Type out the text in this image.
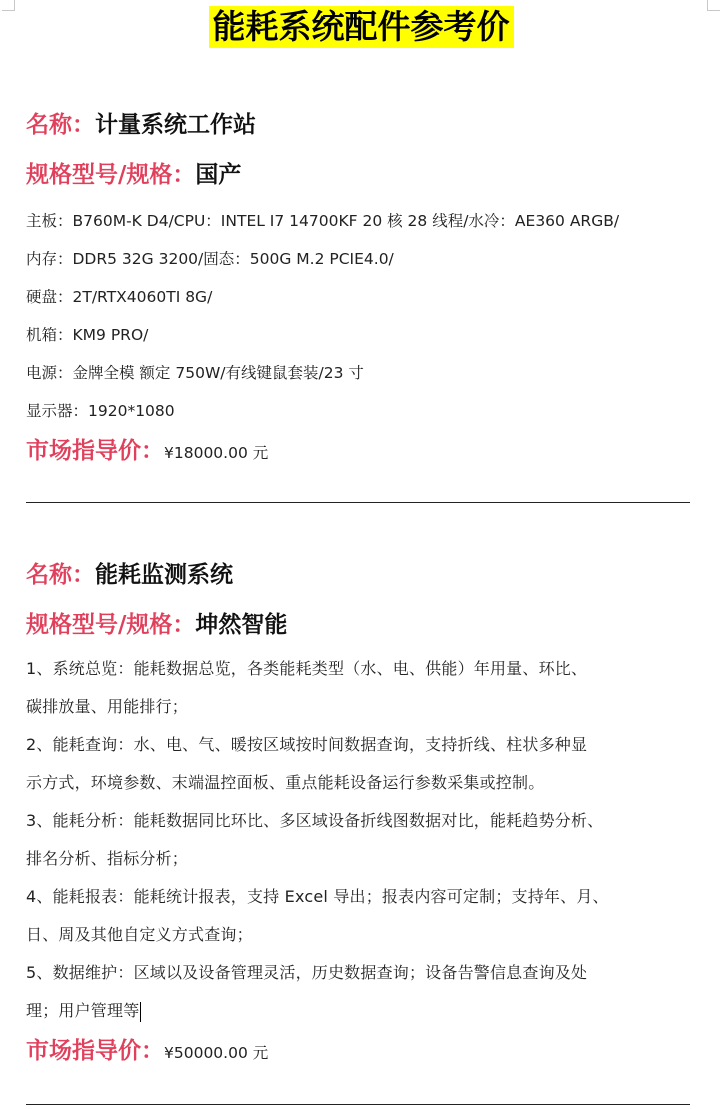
能耗系统配件参考价
名称：计量系统工作站
规格型号/规格：国产
主板：B760M-K D4/CPU：INTEL I7 14700KF 20 核 28 线程/水冷：AE360 ARGB/
内存：DDR5 32G 3200/固态：500G M.2 PCIE4.0/
硬盘：2T/RTX4060TI 8G/
机箱：KM9 PRO/
电源：金牌全模 额定 750W/有线键鼠套装/23 寸
显示器：1920*1080
市场指导价：¥18000.00 元
名称：能耗监测系统
规格型号/规格：坤然智能
1、系统总览：能耗数据总览，各类能耗类型（水、电、供能）年用量、环比、
碳排放量、用能排行；
2、能耗查询：水、电、气、暖按区域按时间数据查询，支持折线、柱状多种显
示方式，环境参数、末端温控面板、重点能耗设备运行参数采集或控制。
3、能耗分析：能耗数据同比环比、多区域设备折线图数据对比，能耗趋势分析、
排名分析、指标分析；
4、能耗报表：能耗统计报表，支持 Excel 导出；报表内容可定制；支持年、月、
日、周及其他自定义方式查询；
5、数据维护：区域以及设备管理灵活，历史数据查询；设备告警信息查询及处
理；用户管理等
市场指导价：¥50000.00 元
